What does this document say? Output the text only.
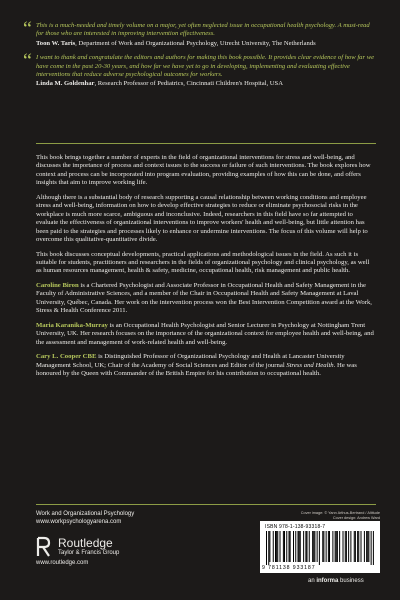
“ This is a much-needed and timely volume on a major, yet often neglected issue in occupational health psychology. A must-read for those who are interested in improving intervention effectiveness.

Toon W. Taris, Department of Work and Organizational Psychology, Utrecht University, The Netherlands
“ I want to thank and congratulate the editors and authors for making this book possible. It provides clear evidence of how far we have come in the past 20-30 years, and how far we have yet to go in developing, implementing and evaluating effective interventions that reduce adverse psychological outcomes for workers.

Linda M. Goldenhar, Research Professor of Pediatrics, Cincinnati Children's Hospital, USA

This book brings together a number of experts in the field of organizational interventions for stress and well-being, and discusses the importance of process and context issues to the success or failure of such interventions. The book explores how context and process can be incorporated into program evaluation, providing examples of how this can be done, and offers insights that aim to improve working life.

Although there is a substantial body of research supporting a causal relationship between working conditions and employee stress and well-being, information on how to develop effective strategies to reduce or eliminate psychosocial risks in the workplace is much more scarce, ambiguous and inconclusive. Indeed, researchers in this field have so far attempted to evaluate the effectiveness of organizational interventions to improve workers' health and well-being, but little attention has been paid to the strategies and processes likely to enhance or undermine interventions. The focus of this volume will help to overcome this qualitative-quantitative divide.

This book discusses conceptual developments, practical applications and methodological issues in the field. As such it is suitable for students, practitioners and researchers in the fields of organizational psychology and clinical psychology, as well as human resources management, health & safety, medicine, occupational health, risk management and public health.

Caroline Biron is a Chartered Psychologist and Associate Professor in Occupational Health and Safety Management in the Faculty of Administrative Sciences, and a member of the Chair in Occupational Health and Safety Management at Laval University, Québec, Canada. Her work on the intervention process won the Best Intervention Competition award at the Work, Stress & Health Conference 2011.

Maria Karanika-Murray is an Occupational Health Psychologist and Senior Lecturer in Psychology at Nottingham Trent University, UK. Her research focuses on the importance of the organizational context for employee health and well-being, and the assessment and management of work-related health and well-being.

Cary L. Cooper CBE is Distinguished Professor of Organizational Psychology and Health at Lancaster University Management School, UK; Chair of the Academy of Social Sciences and Editor of the journal Stress and Health. He was honoured by the Queen with Commander of the British Empire for his contribution to occupational health.

Work and Organizational Psychology
www.workpsychologyarena.com
Routledge
Taylor & Francis Group
www.routledge.com
Cover image: © Yann Arthus-Bertrand / Altitude
Cover design: Andrew Ward
ISBN 978-1-138-93318-7
9 781138 933187
an informa business
